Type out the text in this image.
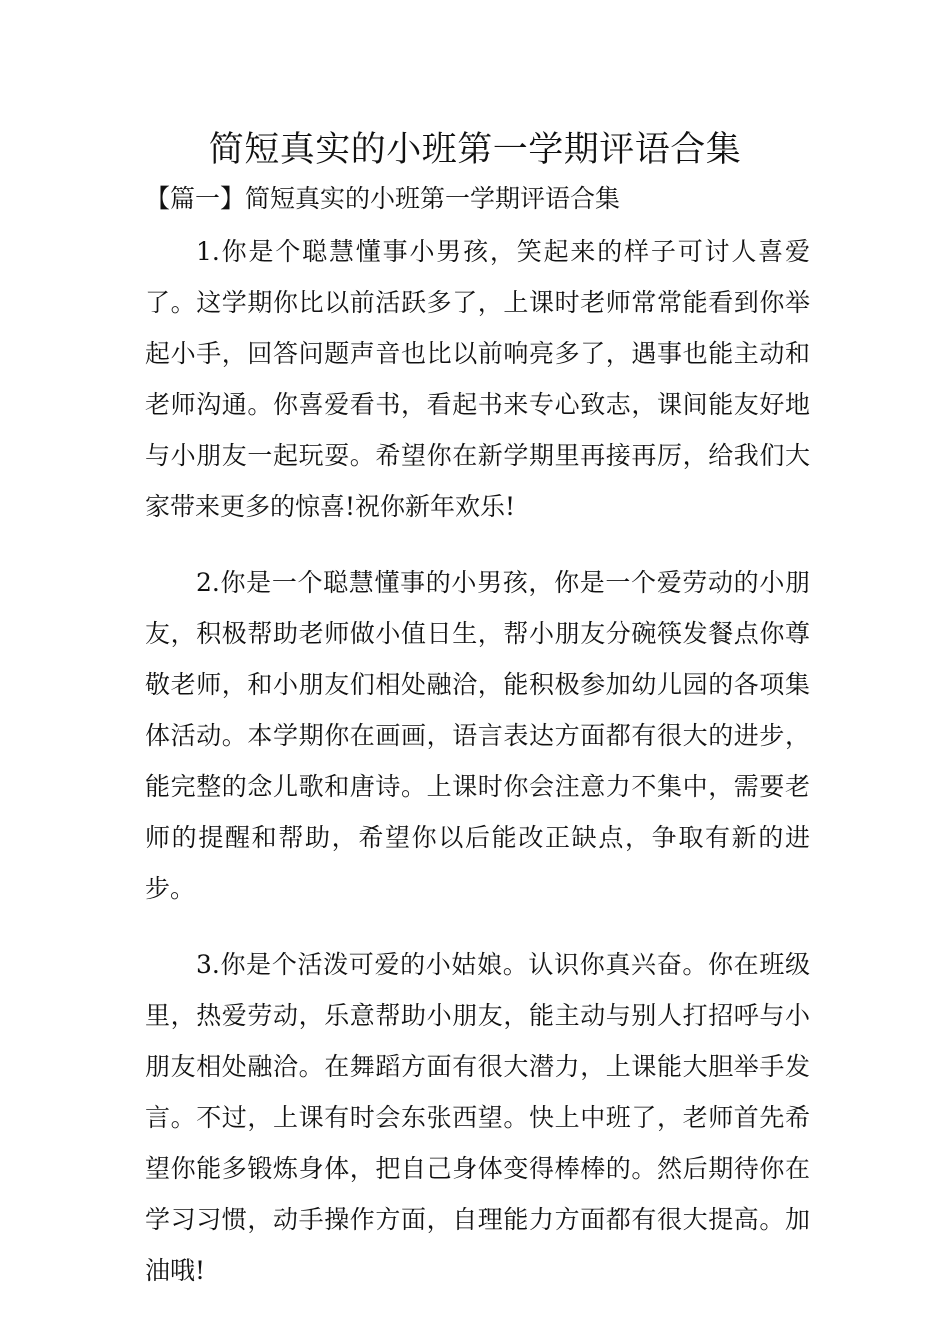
简短真实的小班第一学期评语合集
【篇一】简短真实的小班第一学期评语合集

1.你是个聪慧懂事小男孩，笑起来的样子可讨人喜爱了。这学期你比以前活跃多了，上课时老师常常能看到你举起小手，回答问题声音也比以前响亮多了，遇事也能主动和老师沟通。你喜爱看书，看起书来专心致志，课间能友好地与小朋友一起玩耍。希望你在新学期里再接再厉，给我们大家带来更多的惊喜!祝你新年欢乐!

2.你是一个聪慧懂事的小男孩，你是一个爱劳动的小朋友，积极帮助老师做小值日生，帮小朋友分碗筷发餐点你尊敬老师，和小朋友们相处融洽，能积极参加幼儿园的各项集体活动。本学期你在画画，语言表达方面都有很大的进步，能完整的念儿歌和唐诗。上课时你会注意力不集中，需要老师的提醒和帮助，希望你以后能改正缺点，争取有新的进步。

3.你是个活泼可爱的小姑娘。认识你真兴奋。你在班级里，热爱劳动，乐意帮助小朋友，能主动与别人打招呼与小朋友相处融洽。在舞蹈方面有很大潜力，上课能大胆举手发言。不过，上课有时会东张西望。快上中班了，老师首先希望你能多锻炼身体，把自己身体变得棒棒的。然后期待你在学习习惯，动手操作方面，自理能力方面都有很大提高。加油哦!
